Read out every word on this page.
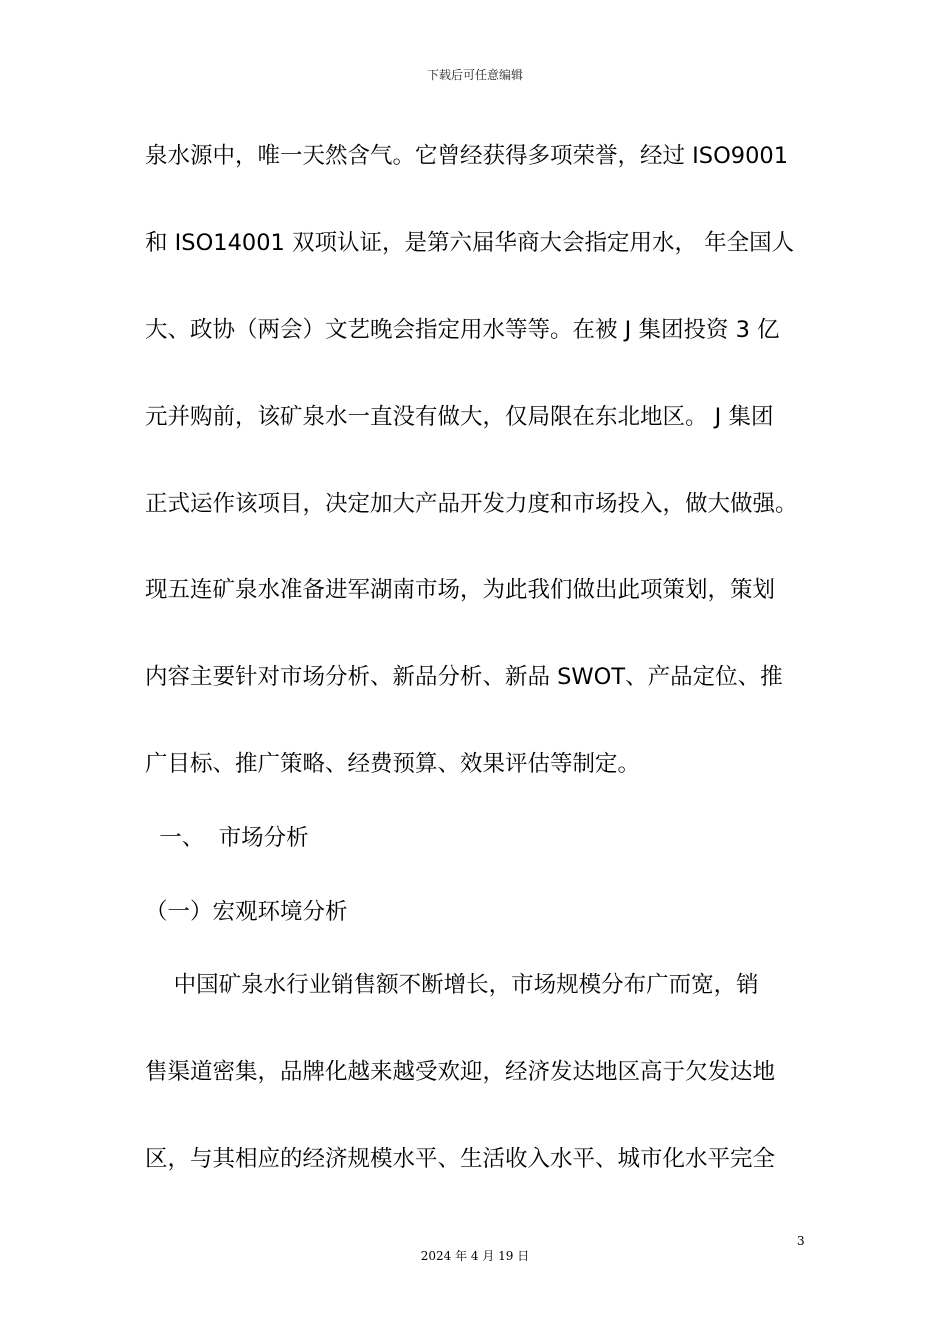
下载后可任意编辑
泉水源中，唯一天然含气。它曾经获得多项荣誉，经过 ISO9001
和 ISO14001 双项认证，是第六届华商大会指定用水， 年全国人
大、政协（两会）文艺晚会指定用水等等。在被 J 集团投资 3 亿
元并购前，该矿泉水一直没有做大，仅局限在东北地区。 J 集团
正式运作该项目，决定加大产品开发力度和市场投入，做大做强。
现五连矿泉水准备进军湖南市场，为此我们做出此项策划，策划
内容主要针对市场分析、新品分析、新品 SWOT、产品定位、推
广目标、推广策略、经费预算、效果评估等制定。
一、  市场分析
（一）宏观环境分析
中国矿泉水行业销售额不断增长，市场规模分布广而宽，销
售渠道密集，品牌化越来越受欢迎，经济发达地区高于欠发达地
区，与其相应的经济规模水平、生活收入水平、城市化水平完全
3
2024 年 4 月 19 日
